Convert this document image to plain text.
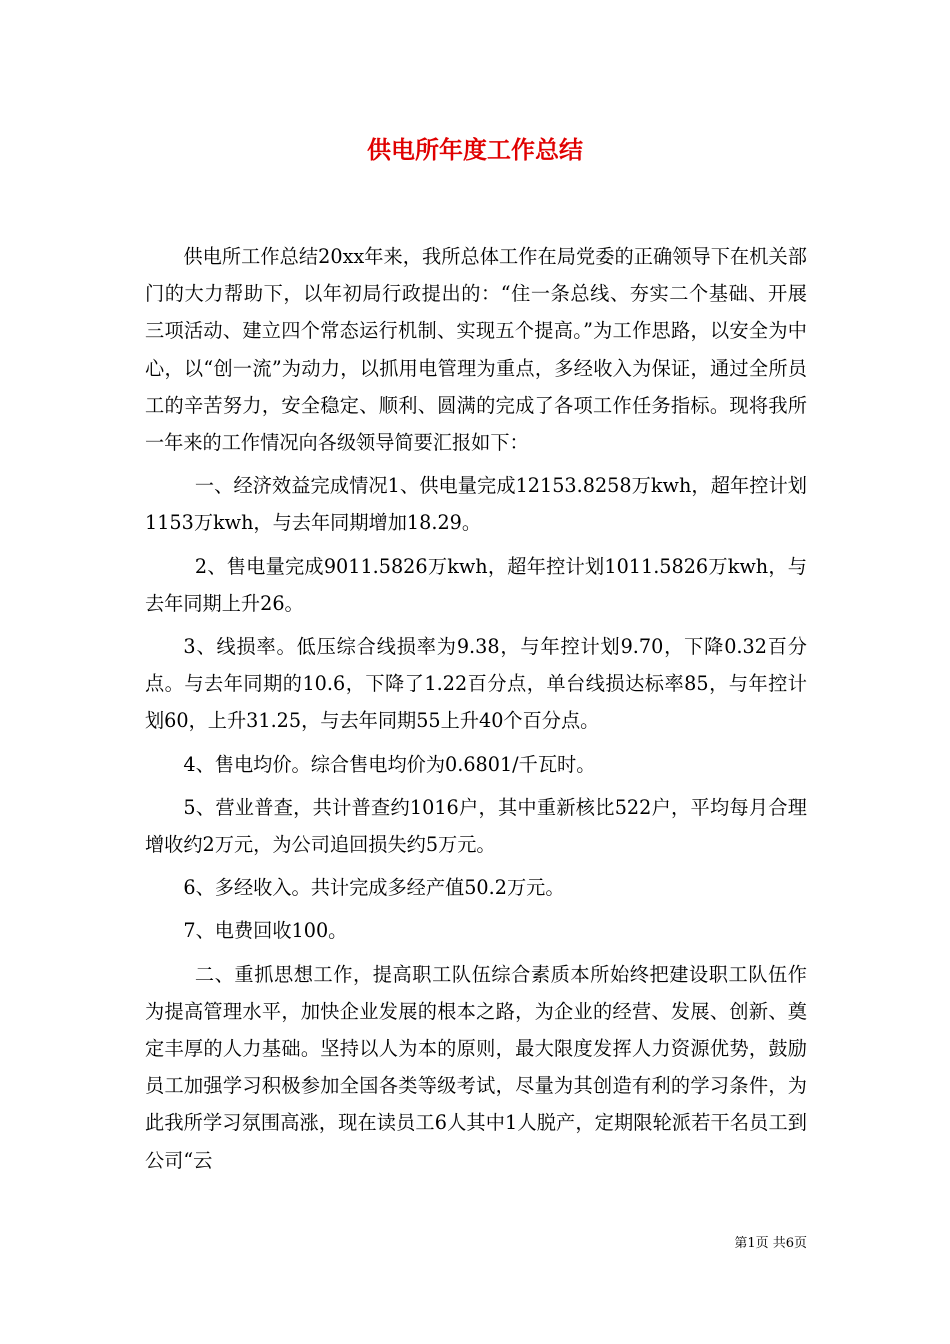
供电所年度工作总结

供电所工作总结20xx年来，我所总体工作在局党委的正确领导下在机关部门的大力帮助下，以年初局行政提出的：“住一条总线、夯实二个基础、开展三项活动、建立四个常态运行机制、实现五个提高。”为工作思路，以安全为中心，以“创一流”为动力，以抓用电管理为重点，多经收入为保证，通过全所员工的辛苦努力，安全稳定、顺利、圆满的完成了各项工作任务指标。现将我所一年来的工作情况向各级领导简要汇报如下：

一、经济效益完成情况1、供电量完成12153.8258万kwh，超年控计划1153万kwh，与去年同期增加18.29。

2、售电量完成9011.5826万kwh，超年控计划1011.5826万kwh，与去年同期上升26。

3、线损率。低压综合线损率为9.38，与年控计划9.70，下降0.32百分点。与去年同期的10.6，下降了1.22百分点，单台线损达标率85，与年控计划60，上升31.25，与去年同期55上升40个百分点。

4、售电均价。综合售电均价为0.6801/千瓦时。

5、营业普查，共计普查约1016户，其中重新核比522户，平均每月合理增收约2万元，为公司追回损失约5万元。

6、多经收入。共计完成多经产值50.2万元。

7、电费回收100。

二、重抓思想工作，提高职工队伍综合素质本所始终把建设职工队伍作为提高管理水平，加快企业发展的根本之路，为企业的经营、发展、创新、奠定丰厚的人力基础。坚持以人为本的原则，最大限度发挥人力资源优势，鼓励员工加强学习积极参加全国各类等级考试，尽量为其创造有利的学习条件，为此我所学习氛围高涨，现在读员工6人其中1人脱产，定期限轮派若干名员工到公司“云

第1页 共6页
